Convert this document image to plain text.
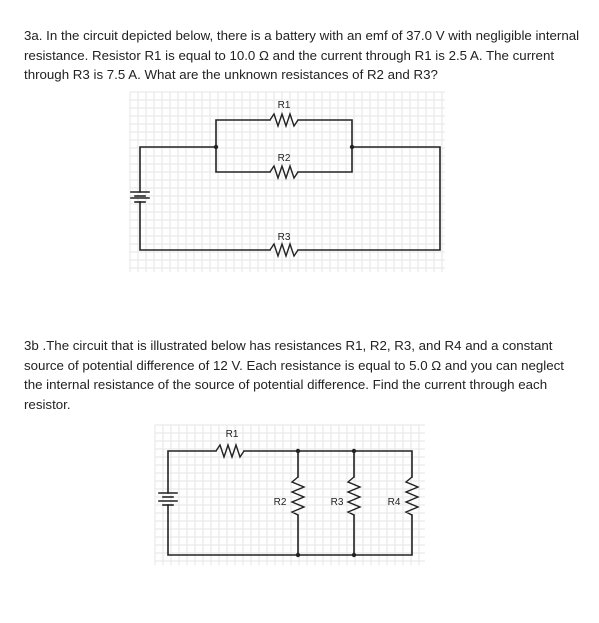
3a. In the circuit depicted below, there is a battery with an emf of 37.0 V with negligible internal resistance. Resistor R1 is equal to 10.0 Ω and the current through R1 is 2.5 A. The current through R3 is 7.5 A. What are the unknown resistances of R2 and R3?

R1
R2
R3

3b .The circuit that is illustrated below has resistances R1, R2, R3, and R4 and a constant source of potential difference of 12 V. Each resistance is equal to 5.0 Ω and you can neglect the internal resistance of the source of potential difference. Find the current through each resistor.

R1
R2	R3	R4
